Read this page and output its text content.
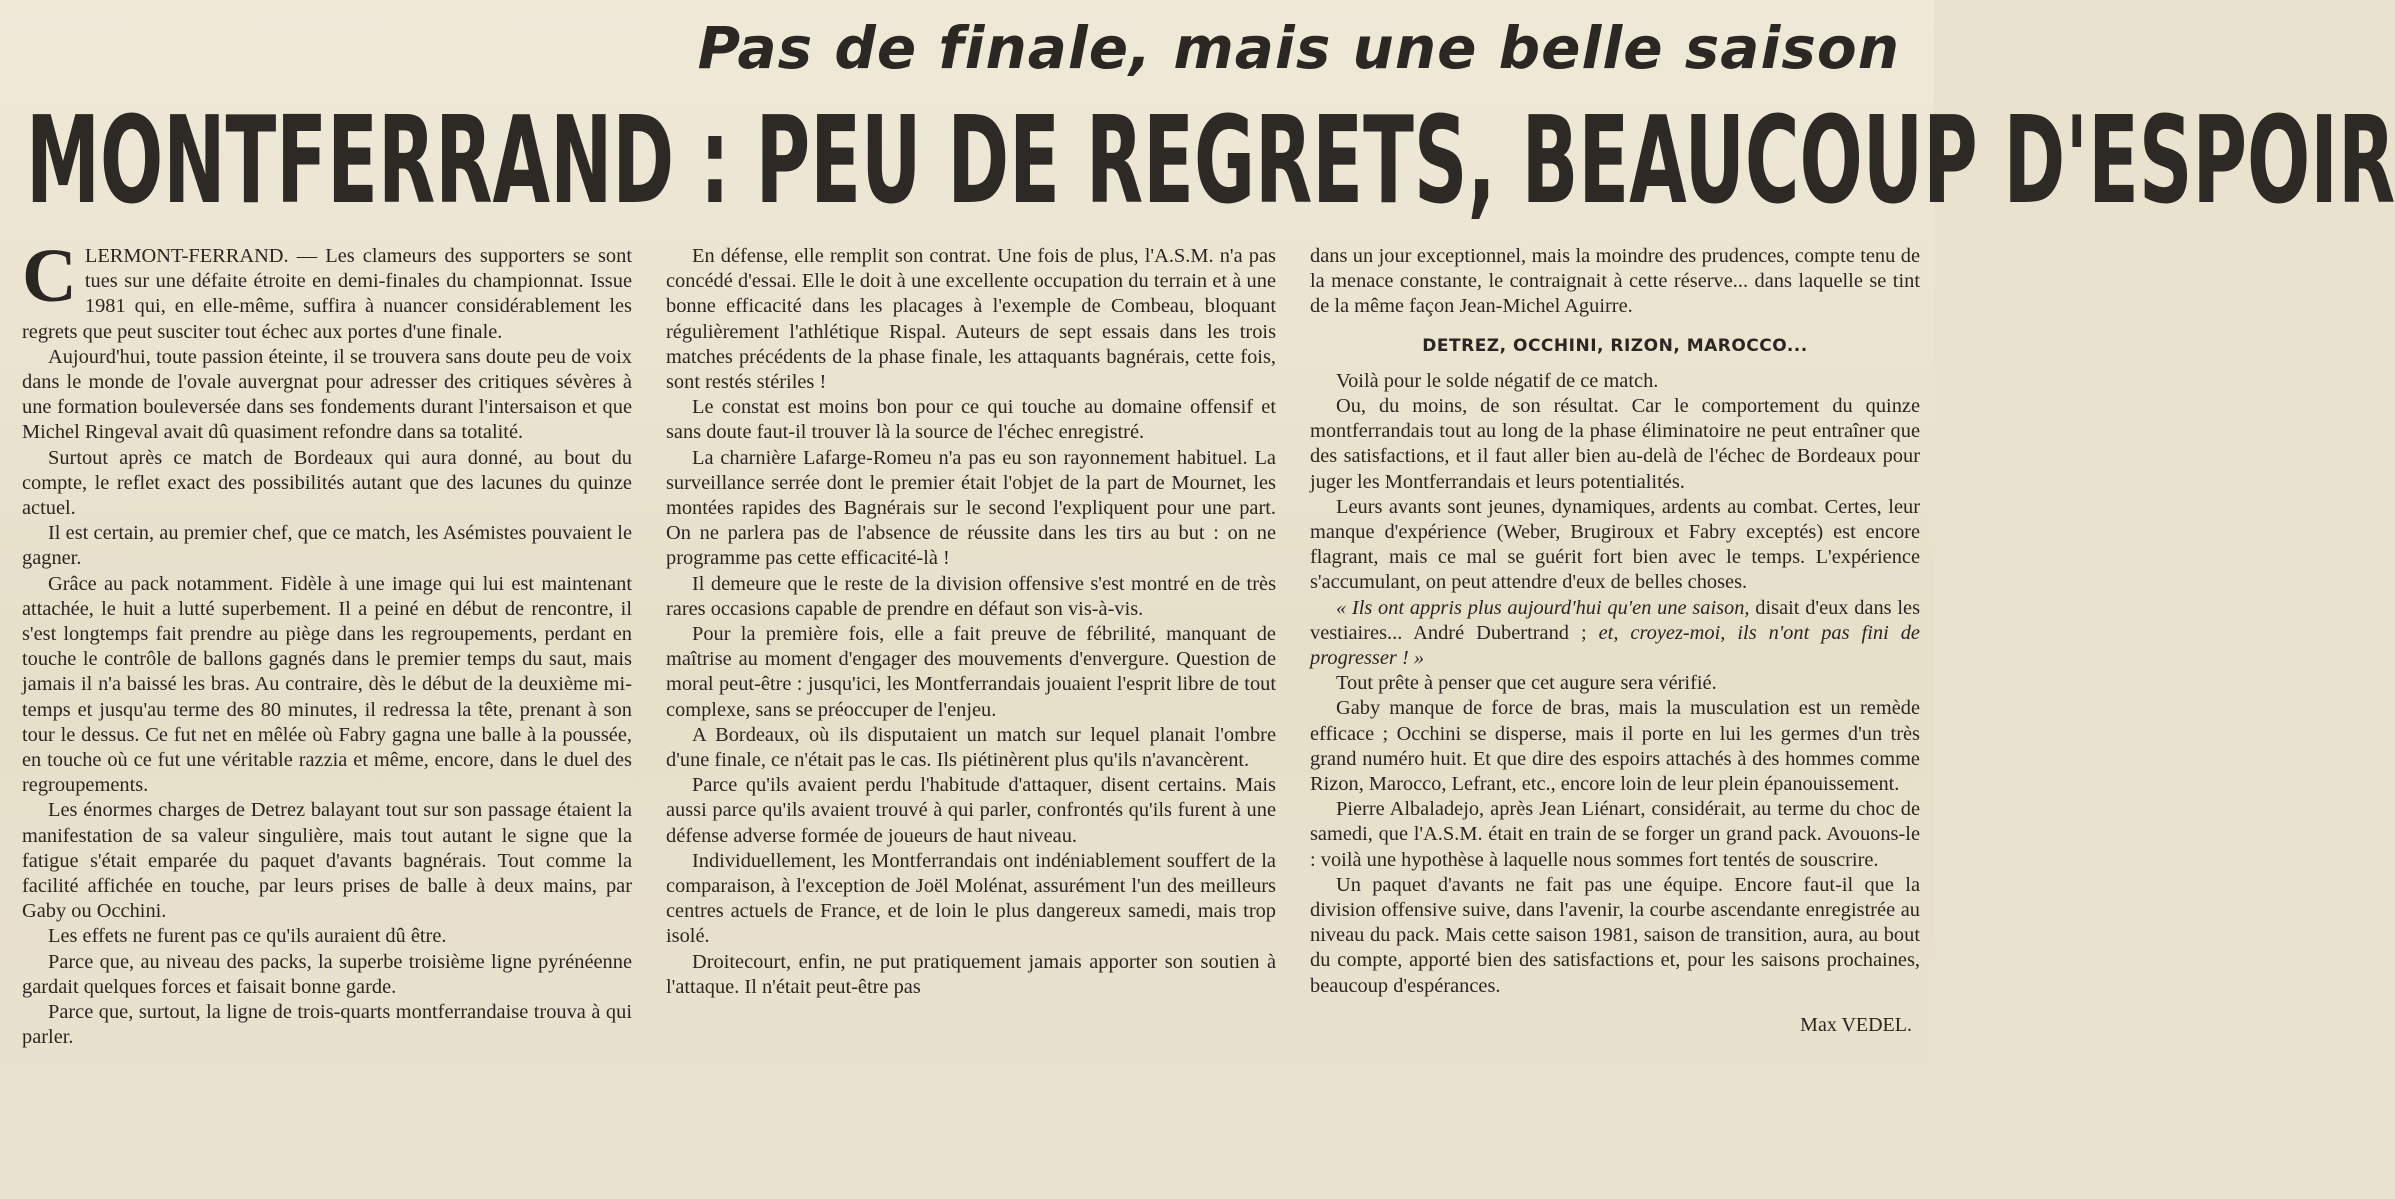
Pas de finale, mais une belle saison
MONTFERRAND : PEU DE REGRETS, BEAUCOUP D'ESPOIR

CLERMONT-FERRAND. — Les clameurs des supporters se sont tues sur une défaite étroite en demi-finales du championnat. Issue 1981 qui, en elle-même, suffira à nuancer considérablement les regrets que peut susciter tout échec aux portes d'une finale.

Aujourd'hui, toute passion éteinte, il se trouvera sans doute peu de voix dans le monde de l'ovale auvergnat pour adresser des critiques sévères à une formation bouleversée dans ses fondements durant l'intersaison et que Michel Ringeval avait dû quasiment refondre dans sa totalité.

Surtout après ce match de Bordeaux qui aura donné, au bout du compte, le reflet exact des possibilités autant que des lacunes du quinze actuel.

Il est certain, au premier chef, que ce match, les Asémistes pouvaient le gagner.

Grâce au pack notamment. Fidèle à une image qui lui est maintenant attachée, le huit a lutté superbement. Il a peiné en début de rencontre, il s'est longtemps fait prendre au piège dans les regroupements, perdant en touche le contrôle de ballons gagnés dans le premier temps du saut, mais jamais il n'a baissé les bras. Au contraire, dès le début de la deuxième mi-temps et jusqu'au terme des 80 minutes, il redressa la tête, prenant à son tour le dessus. Ce fut net en mêlée où Fabry gagna une balle à la poussée, en touche où ce fut une véritable razzia et même, encore, dans le duel des regroupements.

Les énormes charges de Detrez balayant tout sur son passage étaient la manifestation de sa valeur singulière, mais tout autant le signe que la fatigue s'était emparée du paquet d'avants bagnérais. Tout comme la facilité affichée en touche, par leurs prises de balle à deux mains, par Gaby ou Occhini.

Les effets ne furent pas ce qu'ils auraient dû être.

Parce que, au niveau des packs, la superbe troisième ligne pyrénéenne gardait quelques forces et faisait bonne garde.

Parce que, surtout, la ligne de trois-quarts montferrandaise trouva à qui parler.

En défense, elle remplit son contrat. Une fois de plus, l'A.S.M. n'a pas concédé d'essai. Elle le doit à une excellente occupation du terrain et à une bonne efficacité dans les placages à l'exemple de Combeau, bloquant régulièrement l'athlétique Rispal. Auteurs de sept essais dans les trois matches précédents de la phase finale, les attaquants bagnérais, cette fois, sont restés stériles !

Le constat est moins bon pour ce qui touche au domaine offensif et sans doute faut-il trouver là la source de l'échec enregistré.

La charnière Lafarge-Romeu n'a pas eu son rayonnement habituel. La surveillance serrée dont le premier était l'objet de la part de Mournet, les montées rapides des Bagnérais sur le second l'expliquent pour une part. On ne parlera pas de l'absence de réussite dans les tirs au but : on ne programme pas cette efficacité-là !

Il demeure que le reste de la division offensive s'est montré en de très rares occasions capable de prendre en défaut son vis-à-vis.

Pour la première fois, elle a fait preuve de fébrilité, manquant de maîtrise au moment d'engager des mouvements d'envergure. Question de moral peut-être : jusqu'ici, les Montferrandais jouaient l'esprit libre de tout complexe, sans se préoccuper de l'enjeu.

A Bordeaux, où ils disputaient un match sur lequel planait l'ombre d'une finale, ce n'était pas le cas. Ils piétinèrent plus qu'ils n'avancèrent.

Parce qu'ils avaient perdu l'habitude d'attaquer, disent certains. Mais aussi parce qu'ils avaient trouvé à qui parler, confrontés qu'ils furent à une défense adverse formée de joueurs de haut niveau.

Individuellement, les Montferrandais ont indéniablement souffert de la comparaison, à l'exception de Joël Molénat, assurément l'un des meilleurs centres actuels de France, et de loin le plus dangereux samedi, mais trop isolé.

Droitecourt, enfin, ne put pratiquement jamais apporter son soutien à l'attaque. Il n'était peut-être pas

dans un jour exceptionnel, mais la moindre des prudences, compte tenu de la menace constante, le contraignait à cette réserve... dans laquelle se tint de la même façon Jean-Michel Aguirre.

DETREZ, OCCHINI, RIZON, MAROCCO...

Voilà pour le solde négatif de ce match.

Ou, du moins, de son résultat. Car le comportement du quinze montferrandais tout au long de la phase éliminatoire ne peut entraîner que des satisfactions, et il faut aller bien au-delà de l'échec de Bordeaux pour juger les Montferrandais et leurs potentialités.

Leurs avants sont jeunes, dynamiques, ardents au combat. Certes, leur manque d'expérience (Weber, Brugiroux et Fabry exceptés) est encore flagrant, mais ce mal se guérit fort bien avec le temps. L'expérience s'accumulant, on peut attendre d'eux de belles choses.

« Ils ont appris plus aujourd'hui qu'en une saison, disait d'eux dans les vestiaires... André Dubertrand ; et, croyez-moi, ils n'ont pas fini de progresser ! »

Tout prête à penser que cet augure sera vérifié.

Gaby manque de force de bras, mais la musculation est un remède efficace ; Occhini se disperse, mais il porte en lui les germes d'un très grand numéro huit. Et que dire des espoirs attachés à des hommes comme Rizon, Marocco, Lefrant, etc., encore loin de leur plein épanouissement.

Pierre Albaladejo, après Jean Liénart, considérait, au terme du choc de samedi, que l'A.S.M. était en train de se forger un grand pack. Avouons-le : voilà une hypothèse à laquelle nous sommes fort tentés de souscrire.

Un paquet d'avants ne fait pas une équipe. Encore faut-il que la division offensive suive, dans l'avenir, la courbe ascendante enregistrée au niveau du pack. Mais cette saison 1981, saison de transition, aura, au bout du compte, apporté bien des satisfactions et, pour les saisons prochaines, beaucoup d'espérances.

Max VEDEL.
